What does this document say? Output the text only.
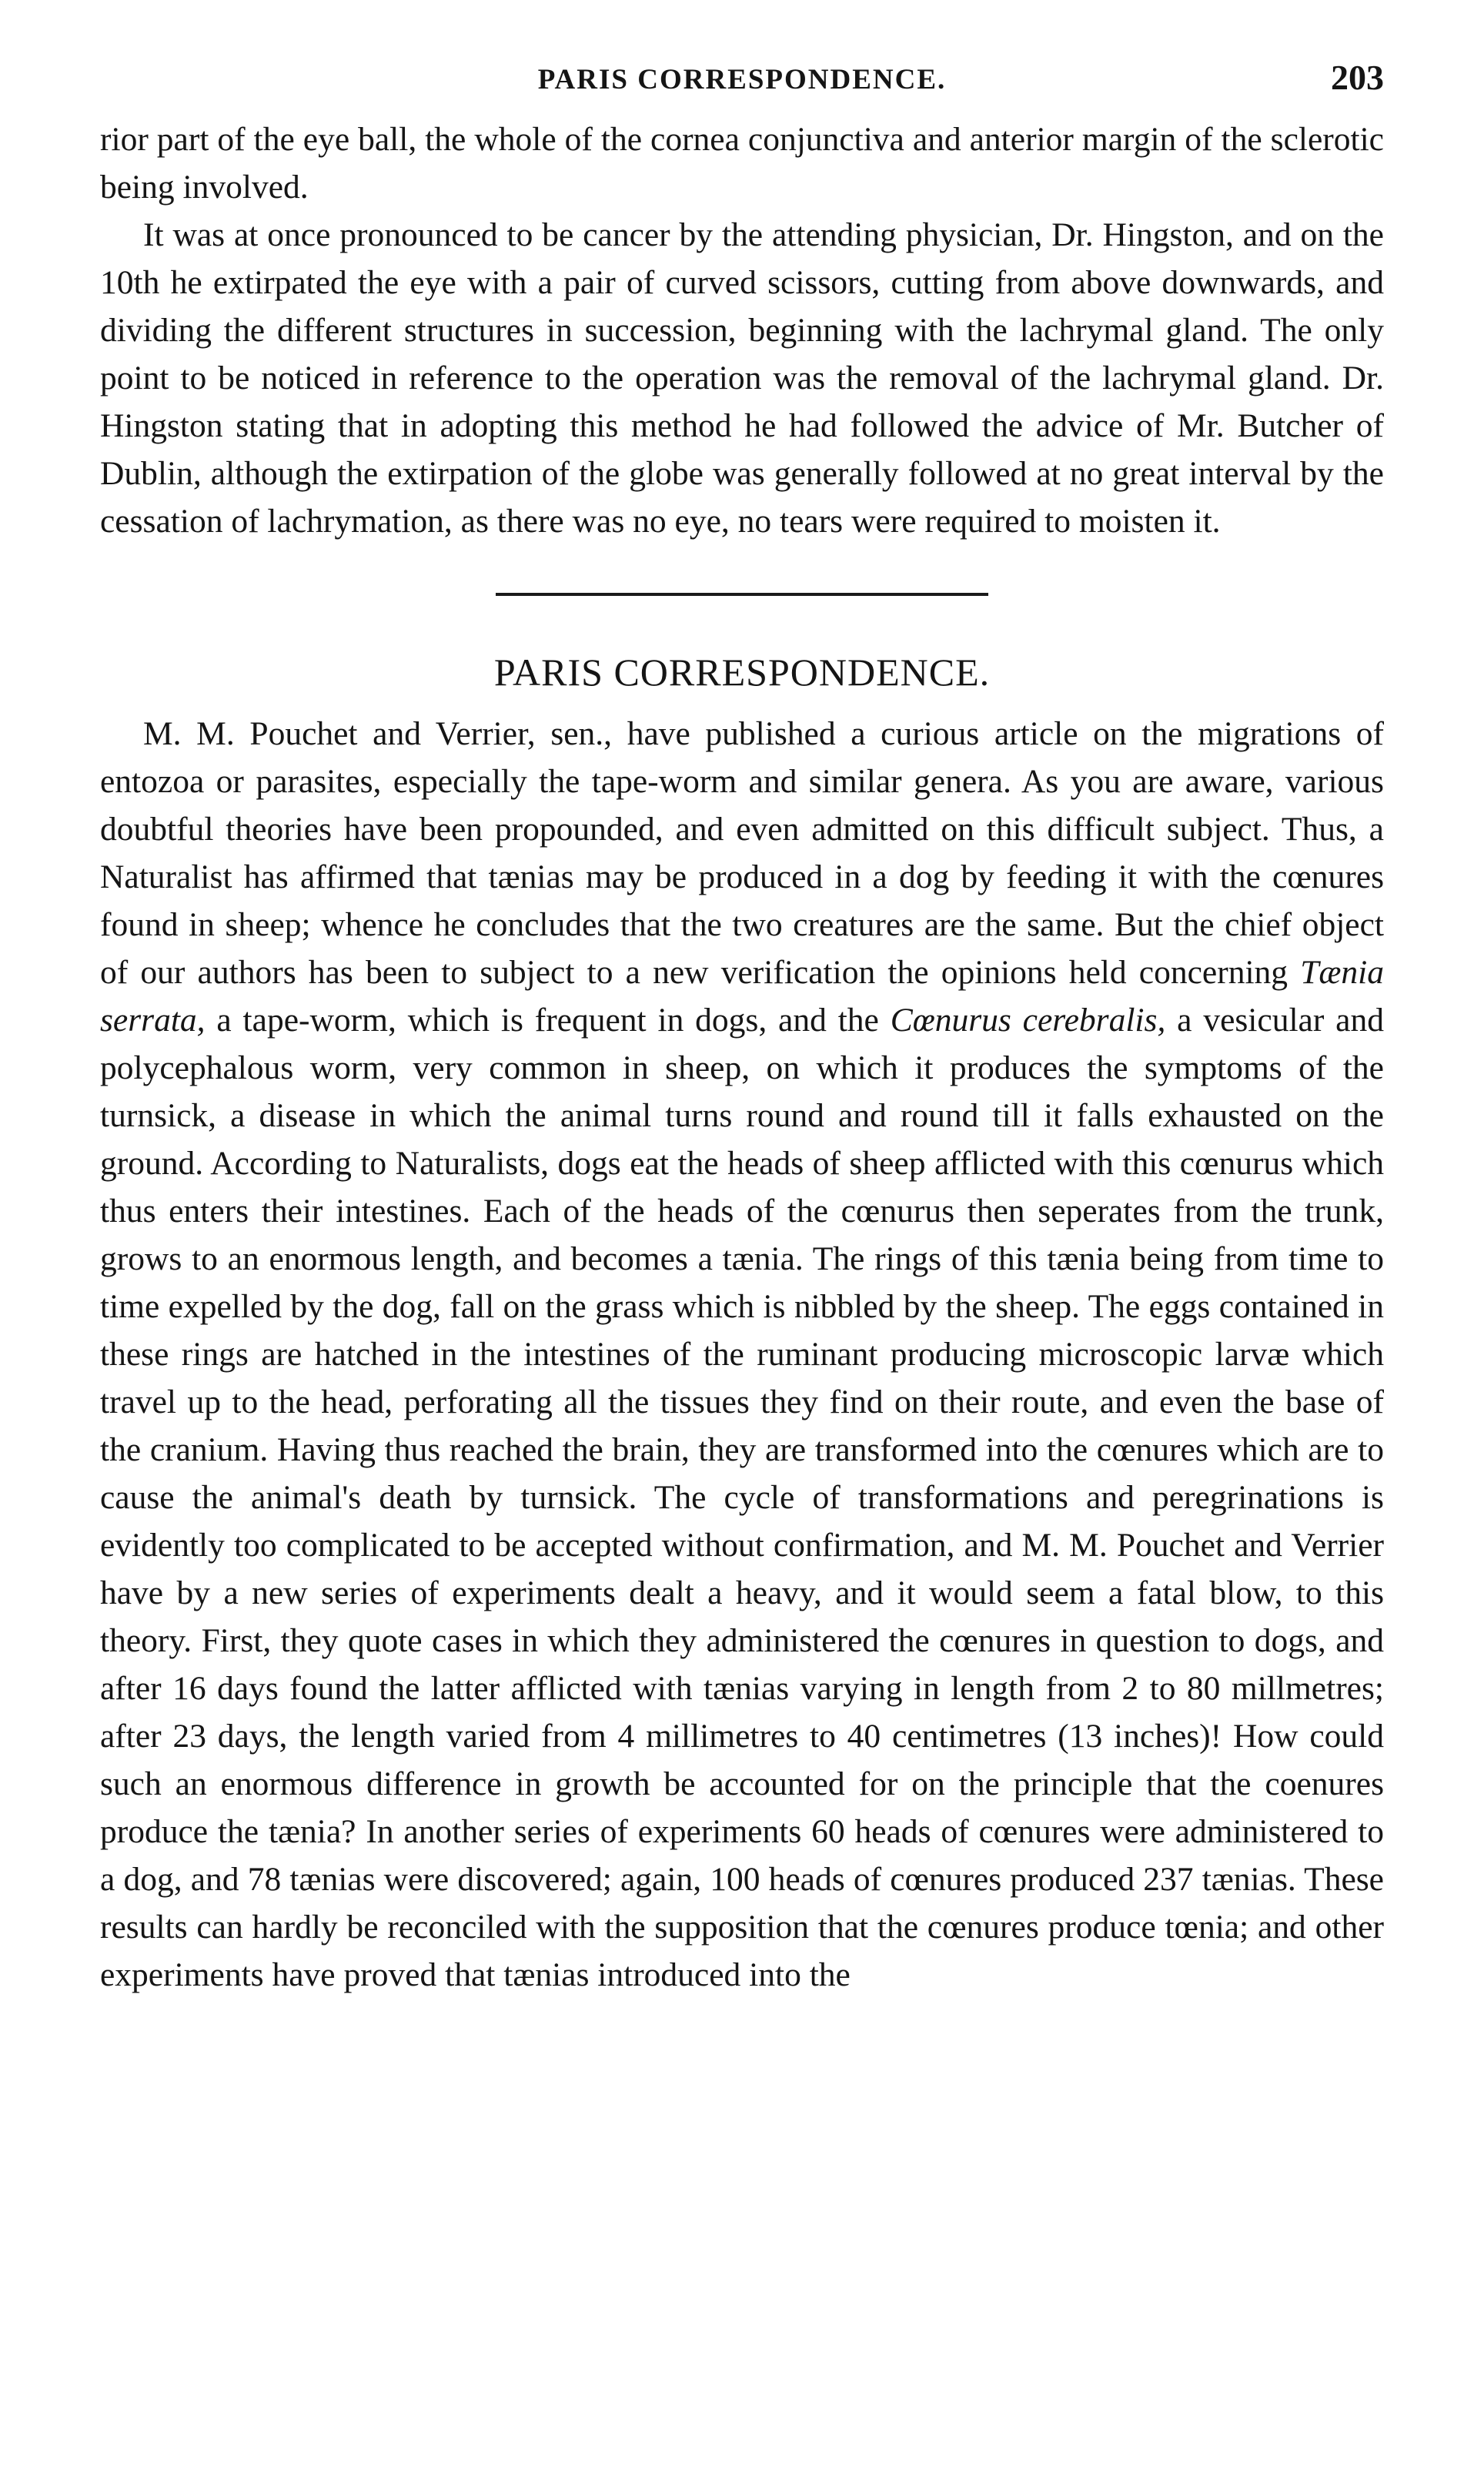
PARIS CORRESPONDENCE.	203

rior part of the eye ball, the whole of the cornea conjunctiva and anterior margin of the sclerotic being involved.

It was at once pronounced to be cancer by the attending physician, Dr. Hingston, and on the 10th he extirpated the eye with a pair of curved scissors, cutting from above downwards, and dividing the different structures in succession, beginning with the lachrymal gland. The only point to be noticed in reference to the operation was the removal of the lachrymal gland. Dr. Hingston stating that in adopting this method he had followed the advice of Mr. Butcher of Dublin, although the extirpation of the globe was generally followed at no great interval by the cessation of lachrymation, as there was no eye, no tears were required to moisten it.

PARIS CORRESPONDENCE.

M. M. Pouchet and Verrier, sen., have published a curious article on the migrations of entozoa or parasites, especially the tape-worm and similar genera. As you are aware, various doubtful theories have been propounded, and even admitted on this difficult subject. Thus, a Naturalist has affirmed that tænias may be produced in a dog by feeding it with the cœnures found in sheep; whence he concludes that the two creatures are the same. But the chief object of our authors has been to subject to a new verification the opinions held concerning Tænia serrata, a tape-worm, which is frequent in dogs, and the Cœnurus cerebralis, a vesicular and polycephalous worm, very common in sheep, on which it produces the symptoms of the turnsick, a disease in which the animal turns round and round till it falls exhausted on the ground. According to Naturalists, dogs eat the heads of sheep afflicted with this cœnurus which thus enters their intestines. Each of the heads of the cœnurus then seperates from the trunk, grows to an enormous length, and becomes a tænia. The rings of this tænia being from time to time expelled by the dog, fall on the grass which is nibbled by the sheep. The eggs contained in these rings are hatched in the intestines of the ruminant producing microscopic larvæ which travel up to the head, perforating all the tissues they find on their route, and even the base of the cranium. Having thus reached the brain, they are transformed into the cœnures which are to cause the animal's death by turnsick. The cycle of transformations and peregrinations is evidently too complicated to be accepted without confirmation, and M. M. Pouchet and Verrier have by a new series of experiments dealt a heavy, and it would seem a fatal blow, to this theory. First, they quote cases in which they administered the cœnures in question to dogs, and after 16 days found the latter afflicted with tænias varying in length from 2 to 80 millmetres; after 23 days, the length varied from 4 millimetres to 40 centimetres (13 inches)! How could such an enormous difference in growth be accounted for on the principle that the coenures produce the tænia? In another series of experiments 60 heads of cœnures were administered to a dog, and 78 tænias were discovered; again, 100 heads of cœnures produced 237 tænias. These results can hardly be reconciled with the supposition that the cœnures produce tœnia; and other experiments have proved that tænias introduced into the
